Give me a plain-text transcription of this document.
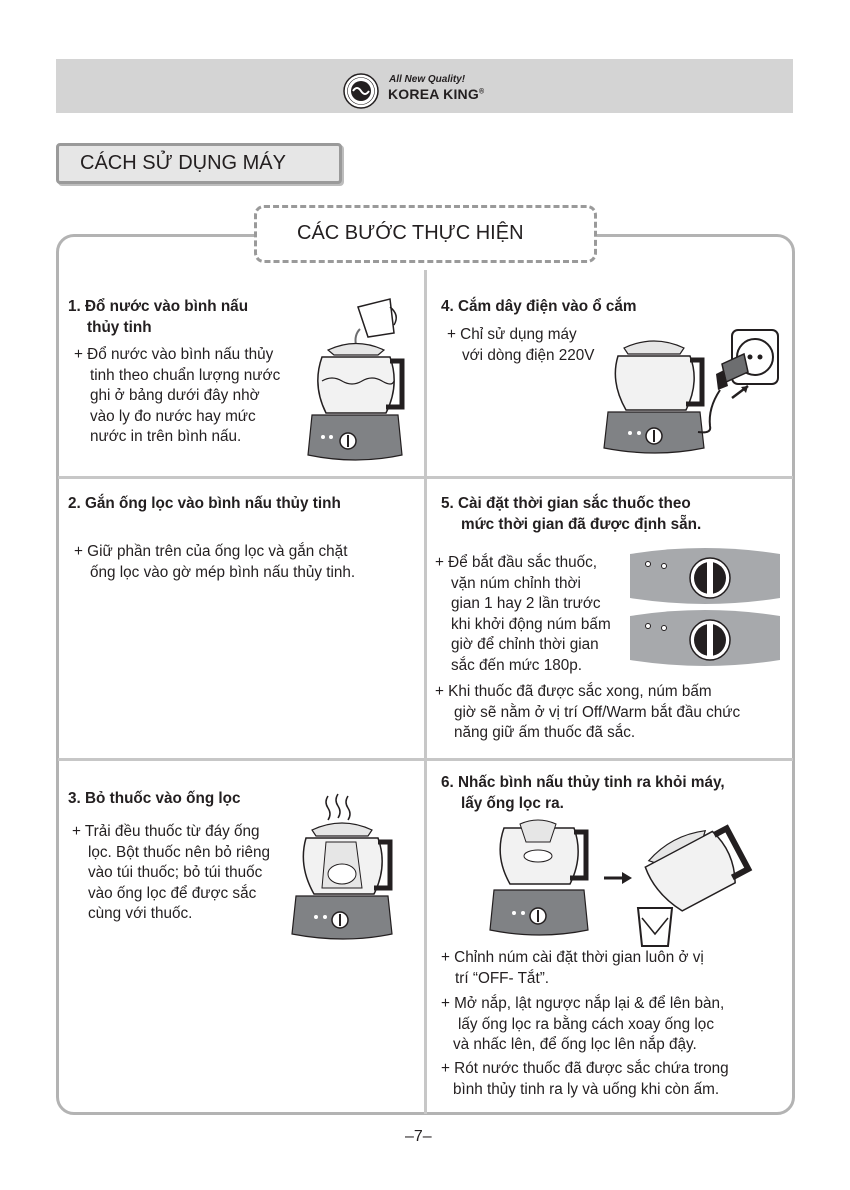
All New Quality!
KOREA KING®
CÁCH SỬ DỤNG MÁY
CÁC BƯỚC THỰC HIỆN
1. Đổ nước vào bình nấu
thủy tinh
+ Đổ nước vào bình nấu thủy
tinh theo chuẩn lượng nước
ghi ở bảng dưới đây nhờ
vào ly đo nước hay mức
nước in trên bình nấu.
4. Cắm dây điện vào ổ cắm
+ Chỉ sử dụng máy
với dòng điện 220V
2. Gắn ống lọc vào bình nấu thủy tinh
+ Giữ phần trên của ống lọc và gắn chặt
ống lọc vào gờ mép bình nấu thủy tinh.
5. Cài đặt thời gian sắc thuốc theo
mức thời gian đã được định sẵn.
+ Để bắt đầu sắc thuốc,
vặn núm chỉnh thời
gian 1 hay 2 lần trước
khi khởi động núm bấm
giờ để chỉnh thời gian
sắc đến mức 180p.
+ Khi thuốc đã được sắc xong, núm bấm
giờ sẽ nằm ở vị trí Off/Warm bắt đầu chức
năng giữ ấm thuốc đã sắc.
3. Bỏ thuốc vào ống lọc
+ Trải đều thuốc từ đáy ống
lọc. Bột thuốc nên bỏ riêng
vào túi thuốc; bỏ túi thuốc
vào ống lọc để được sắc
cùng với thuốc.
6. Nhấc bình nấu thủy tinh ra khỏi máy,
lấy ống lọc ra.
+ Chỉnh núm cài đặt thời gian luôn ở vị
trí “OFF- Tắt”.
+ Mở nắp, lật ngược nắp lại & để lên bàn,
lấy ống lọc ra bằng cách xoay ống lọc
và nhấc lên, để ống lọc lên nắp đậy.
+ Rót nước thuốc đã được sắc chứa trong
bình thủy tinh ra ly và uống khi còn ấm.
–7–
